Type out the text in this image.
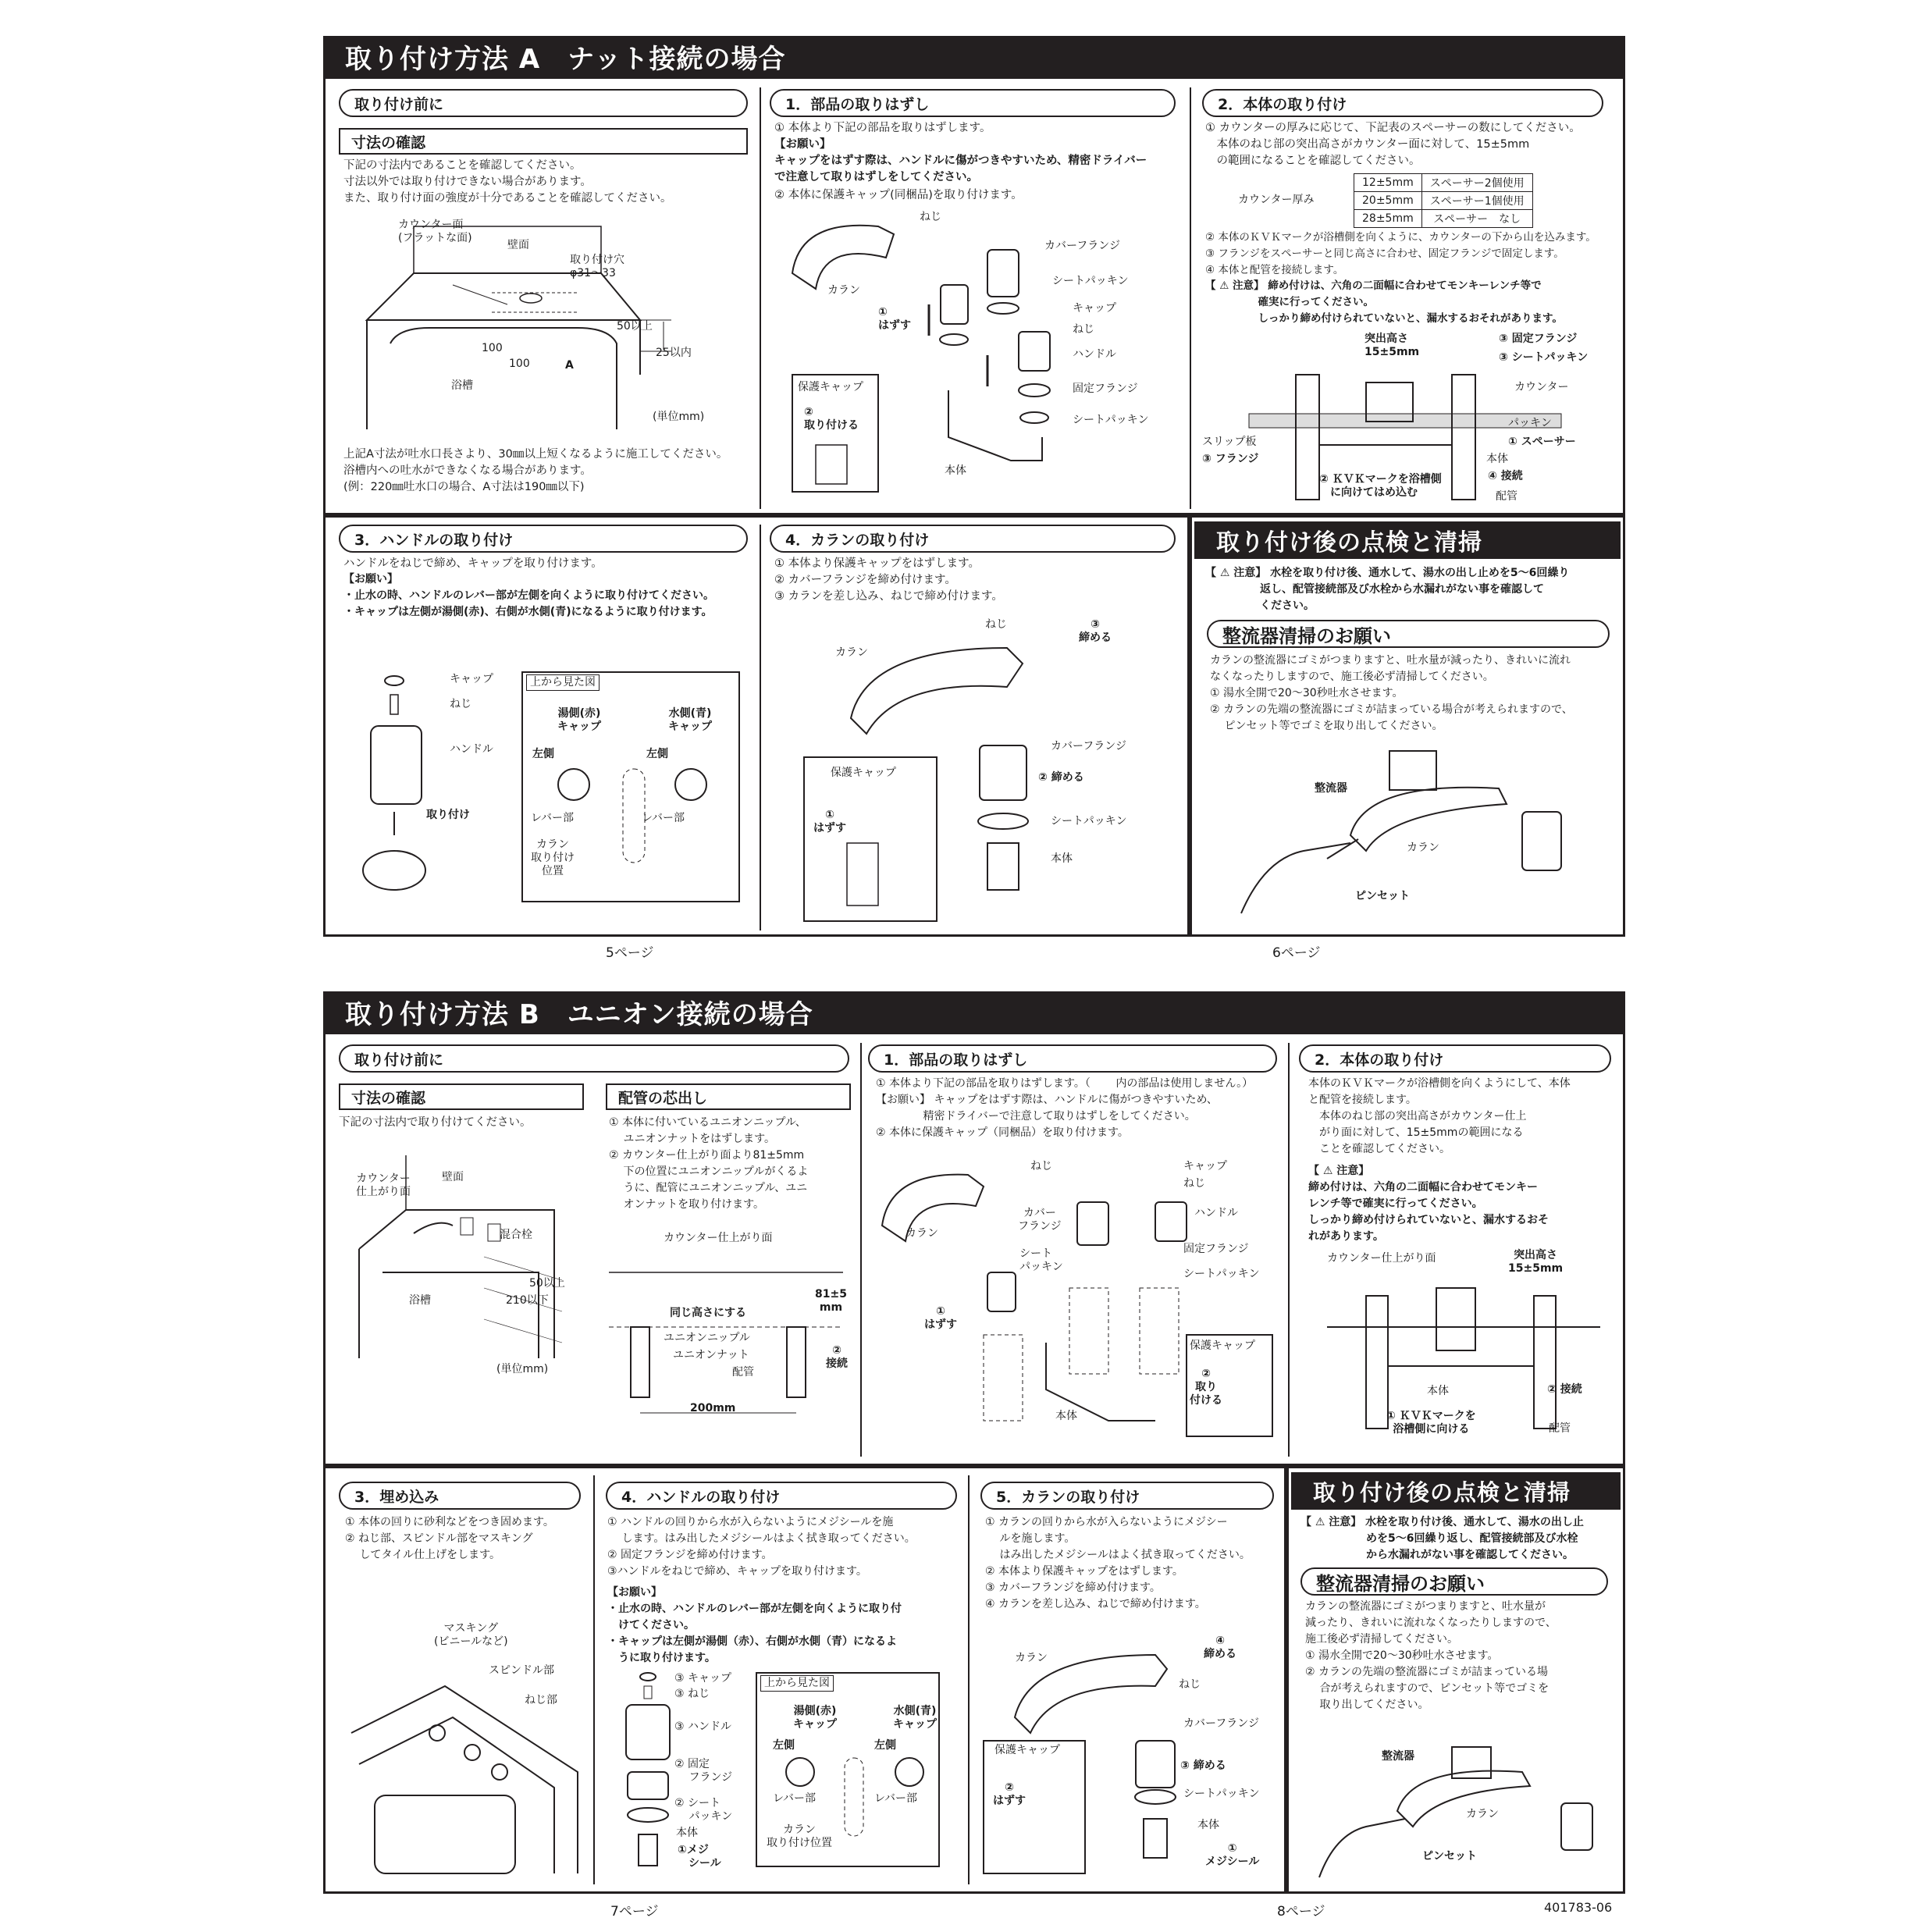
取り付け方法 A　ナット接続の場合
取り付け前に
寸法の確認
下記の寸法内であることを確認してください。
寸法以外では取り付けできない場合があります。
また、取り付け面の強度が十分であることを確認してください。
カウンター面
(フラットな面)
壁面
取り付け穴
φ31～33
100
100	A
50以上
25以内
浴槽
(単位mm)
上記A寸法が吐水口長さより、30㎜以上短くなるように施工してください。
浴槽内への吐水ができなくなる場合があります。
(例：220㎜吐水口の場合、A寸法は190㎜以下)
1．部品の取りはずし
① 本体より下記の部品を取りはずします。
【お願い】
キャップをはずす際は、ハンドルに傷がつきやすいため、精密ドライバー
で注意して取りはずしをしてください。
② 本体に保護キャップ(同梱品)を取り付けます。
ねじ
カラン
カバーフランジ
シートパッキン
キャップ
ねじ
ハンドル
固定フランジ
シートパッキン
①
はずす
保護キャップ
②
取り付ける
本体
2．本体の取り付け
① カウンターの厚みに応じて、下記表のスペーサーの数にしてください。
　本体のねじ部の突出高さがカウンター面に対して、15±5mm
　の範囲になることを確認してください。
カウンター厚み
12±5mm	スペーサー2個使用
20±5mm	スペーサー1個使用
28±5mm	スペーサー　なし
② 本体のＫＶＫマークが浴槽側を向くように、カウンターの下から山を込みます。
③ フランジをスペーサーと同じ高さに合わせ、固定フランジで固定します。
④ 本体と配管を接続します。
【 ⚠ 注意】 締め付けは、六角の二面幅に合わせてモンキーレンチ等で
　　　　　確実に行ってください。
　　　　　しっかり締め付けられていないと、漏水するおそれがあります。
突出高さ
15±5mm
③ 固定フランジ
③ シートパッキン
カウンター
パッキン
① スペーサー
スリップ板
③ フランジ	本体
② ＫＶＫマークを浴槽側
　に向けてはめ込む
④ 接続
配管
3．ハンドルの取り付け
ハンドルをねじで締め、キャップを取り付けます。
【お願い】
・止水の時、ハンドルのレバー部が左側を向くように取り付けてください。
・キャップは左側が湯側(赤)、右側が水側(青)になるように取り付けます。
キャップ
ねじ
ハンドル
取り付け
上から見た図
湯側(赤)
キャップ
水側(青)
キャップ
左側	左側
レバー部	レバー部
カラン
取り付け
位置
4．カランの取り付け
① 本体より保護キャップをはずします。
② カバーフランジを締め付けます。
③ カランを差し込み、ねじで締め付けます。
ねじ	③
締める
カラン
カバーフランジ
② 締める
保護キャップ
①
はずす
シートパッキン
本体
取り付け後の点検と清掃
【 ⚠ 注意】 水栓を取り付け後、通水して、湯水の出し止めを5～6回繰り
　　　　　返し、配管接続部及び水栓から水漏れがない事を確認して
　　　　　ください。
整流器清掃のお願い
カランの整流器にゴミがつまりますと、吐水量が減ったり、きれいに流れ
なくなったりしますので、施工後必ず清掃してください。
① 湯水全開で20～30秒吐水させます。
② カランの先端の整流器にゴミが詰まっている場合が考えられますので、
　 ピンセット等でゴミを取り出してください。
整流器
カラン
ピンセット
5ページ	6ページ
取り付け方法 B　ユニオン接続の場合
取り付け前に
寸法の確認
下記の寸法内で取り付けてください。
カウンター
仕上がり面
壁面
混合栓
50以上
210以下
浴槽
(単位mm)
配管の芯出し
① 本体に付いているユニオンニップル、
　 ユニオンナットをはずします。
② カウンター仕上がり面より81±5mm
　 下の位置にユニオンニップルがくるよ
　 うに、配管にユニオンニップル、ユニ
　 オンナットを取り付けます。
カウンター仕上がり面
81±5
mm
同じ高さにする
ユニオンニップル
ユニオンナット
配管
②
接続
200mm
1．部品の取りはずし
① 本体より下記の部品を取りはずします。（　　 内の部品は使用しません。）
【お願い】 キャップをはずす際は、ハンドルに傷がつきやすいため、
　　　　 精密ドライバーで注意して取りはずしをしてください。
② 本体に保護キャップ（同梱品）を取り付けます。
ねじ	キャップ
ねじ
ハンドル
カラン
カバー
フランジ
固定フランジ
シート
パッキン
シートパッキン
①
はずす
保護キャップ
②
取り
付ける
本体
2．本体の取り付け
本体のＫＶＫマークが浴槽側を向くようにして、本体
と配管を接続します。
　本体のねじ部の突出高さがカウンター仕上
　がり面に対して、15±5mmの範囲になる
　ことを確認してください。
【 ⚠ 注意】
締め付けは、六角の二面幅に合わせてモンキー
レンチ等で確実に行ってください。
しっかり締め付けられていないと、漏水するおそ
れがあります。
カウンター仕上がり面	突出高さ
15±5mm
本体	② 接続
① ＫＶＫマークを
浴槽側に向ける	配管
3．埋め込み
① 本体の回りに砂利などをつき固めます。
② ねじ部、スピンドル部をマスキング
　 してタイル仕上げをします。
マスキング
(ビニールなど)
スピンドル部
ねじ部
4．ハンドルの取り付け
① ハンドルの回りから水が入らないようにメジシールを施
　 します。はみ出したメジシールはよく拭き取ってください。
② 固定フランジを締め付けます。
③ハンドルをねじで締め、キャップを取り付けます。
【お願い】
・止水の時、ハンドルのレバー部が左側を向くように取り付
　けてください。
・キャップは左側が湯側（赤）、右側が水側（青）になるよ
　うに取り付けます。
③ キャップ
③ ねじ
③ ハンドル
② 固定
　 フランジ
② シート
　 パッキン
本体
①メジ
　シール
上から見た図
湯側(赤)
キャップ
水側(青)
キャップ
左側	左側
レバー部	レバー部
カラン
取り付け位置
5．カランの取り付け
① カランの回りから水が入らないようにメジシー
　 ルを施します。
　 はみ出したメジシールはよく拭き取ってください。
② 本体より保護キャップをはずします。
③ カバーフランジを締め付けます。
④ カランを差し込み、ねじで締め付けます。
カラン
④
締める
ねじ
カバーフランジ
保護キャップ
③ 締める
②
はずす
シートパッキン
本体
①
メジシール
取り付け後の点検と清掃
【 ⚠ 注意】 水栓を取り付け後、通水して、湯水の出し止
　　　　　　めを5～6回繰り返し、配管接続部及び水栓
　　　　　　から水漏れがない事を確認してください。
整流器清掃のお願い
カランの整流器にゴミがつまりますと、吐水量が
減ったり、きれいに流れなくなったりしますので、
施工後必ず清掃してください。
① 湯水全開で20～30秒吐水させます。
② カランの先端の整流器にゴミが詰まっている場
　 合が考えられますので、ピンセット等でゴミを
　 取り出してください。
整流器
カラン
ピンセット
7ページ	8ページ	401783-06
